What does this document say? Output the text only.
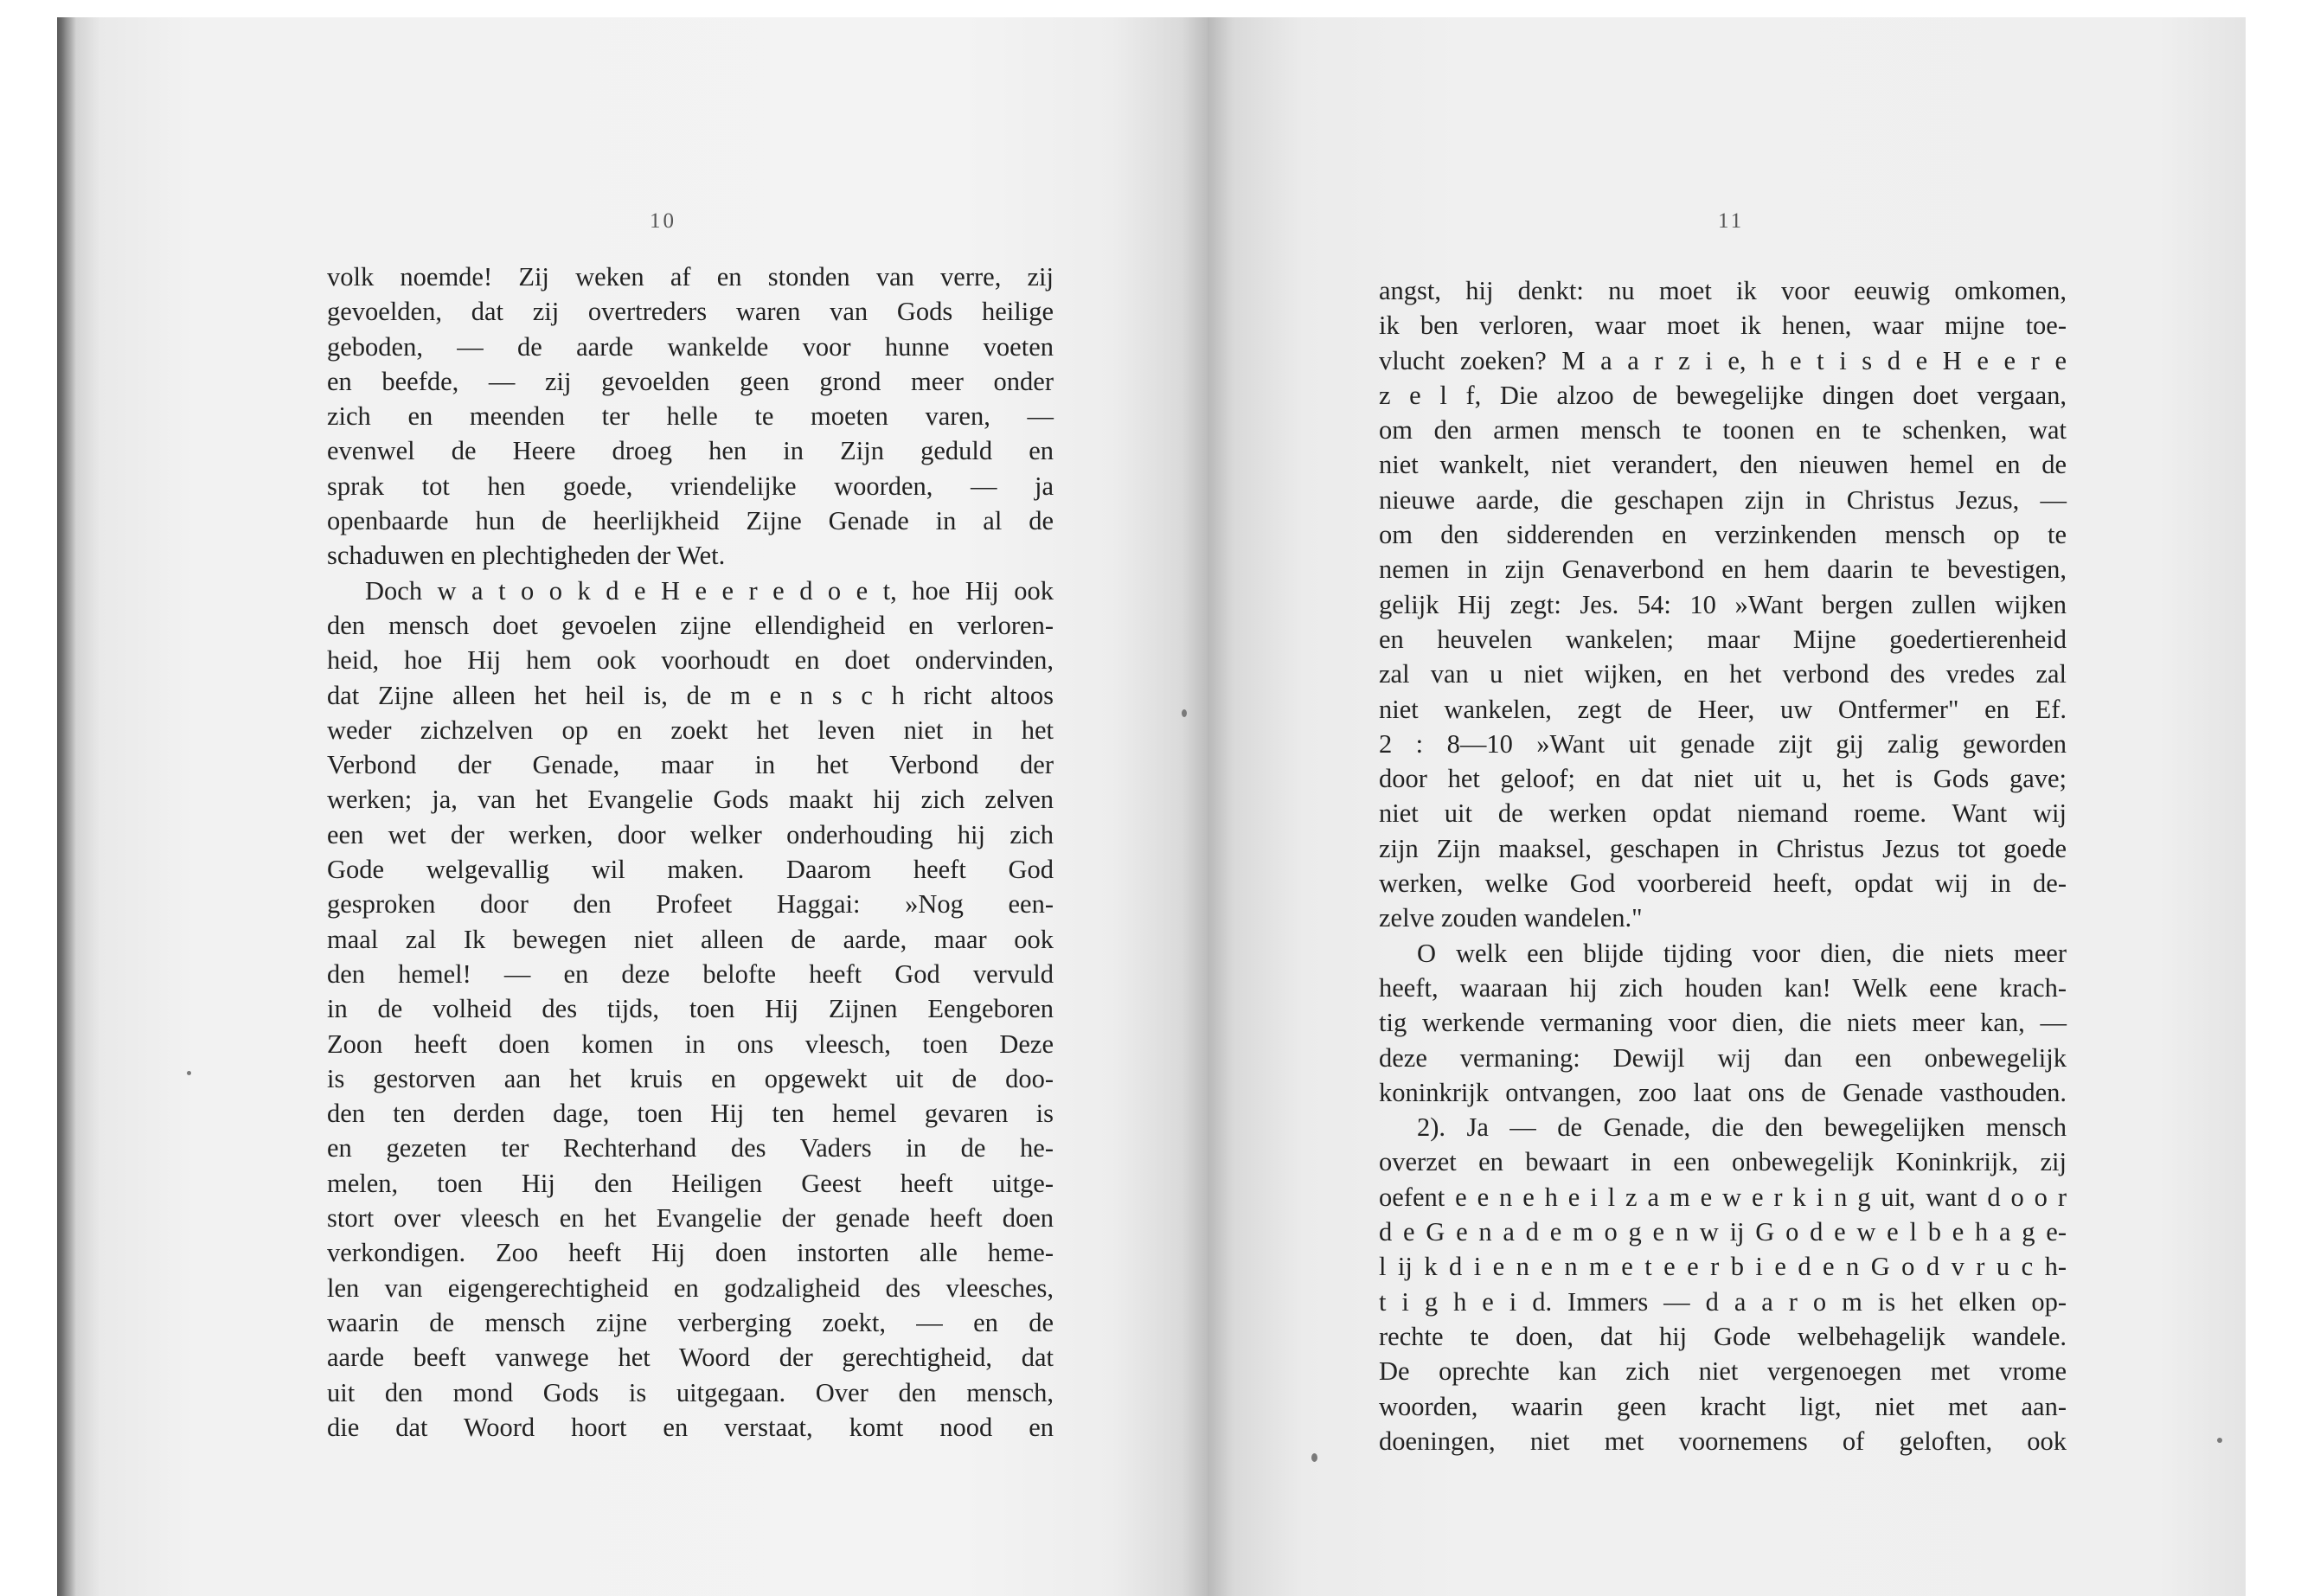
10
volk noemde! Zij weken af en stonden van verre, zij
gevoelden, dat zij overtreders waren van Gods heilige
geboden, — de aarde wankelde voor hunne voeten
en beefde, — zij gevoelden geen grond meer onder
zich en meenden ter helle te moeten varen, —
evenwel de Heere droeg hen in Zijn geduld en
sprak tot hen goede, vriendelijke woorden, — ja
openbaarde hun de heerlijkheid Zijne Genade in al de
schaduwen en plechtigheden der Wet.
Doch w a t o o k d e H e e r e d o e t, hoe Hij ook
den mensch doet gevoelen zijne ellendigheid en verloren-
heid, hoe Hij hem ook voorhoudt en doet ondervinden,
dat Zijne alleen het heil is, de m e n s c h richt altoos
weder zichzelven op en zoekt het leven niet in het
Verbond der Genade, maar in het Verbond der
werken; ja, van het Evangelie Gods maakt hij zich zelven
een wet der werken, door welker onderhouding hij zich
Gode welgevallig wil maken. Daarom heeft God
gesproken door den Profeet Haggai: »Nog een-
maal zal Ik bewegen niet alleen de aarde, maar ook
den hemel! — en deze belofte heeft God vervuld
in de volheid des tijds, toen Hij Zijnen Eengeboren
Zoon heeft doen komen in ons vleesch, toen Deze
is gestorven aan het kruis en opgewekt uit de doo-
den ten derden dage, toen Hij ten hemel gevaren is
en gezeten ter Rechterhand des Vaders in de he-
melen, toen Hij den Heiligen Geest heeft uitge-
stort over vleesch en het Evangelie der genade heeft doen
verkondigen. Zoo heeft Hij doen instorten alle heme-
len van eigengerechtigheid en godzaligheid des vleesches,
waarin de mensch zijne verberging zoekt, — en de
aarde beeft vanwege het Woord der gerechtigheid, dat
uit den mond Gods is uitgegaan. Over den mensch,
die dat Woord hoort en verstaat, komt nood en
11
angst, hij denkt: nu moet ik voor eeuwig omkomen,
ik ben verloren, waar moet ik henen, waar mijne toe-
vlucht zoeken? M a a r z i e, h e t i s d e H e e r e
z e l f, Die alzoo de bewegelijke dingen doet vergaan,
om den armen mensch te toonen en te schenken, wat
niet wankelt, niet verandert, den nieuwen hemel en de
nieuwe aarde, die geschapen zijn in Christus Jezus, —
om den sidderenden en verzinkenden mensch op te
nemen in zijn Genaverbond en hem daarin te bevestigen,
gelijk Hij zegt: Jes. 54: 10 »Want bergen zullen wijken
en heuvelen wankelen; maar Mijne goedertierenheid
zal van u niet wijken, en het verbond des vredes zal
niet wankelen, zegt de Heer, uw Ontfermer" en Ef.
2 : 8—10 »Want uit genade zijt gij zalig geworden
door het geloof; en dat niet uit u, het is Gods gave;
niet uit de werken opdat niemand roeme. Want wij
zijn Zijn maaksel, geschapen in Christus Jezus tot goede
werken, welke God voorbereid heeft, opdat wij in de-
zelve zouden wandelen."
O welk een blijde tijding voor dien, die niets meer
heeft, waaraan hij zich houden kan! Welk eene krach-
tig werkende vermaning voor dien, die niets meer kan, —
deze vermaning: Dewijl wij dan een onbewegelijk
koninkrijk ontvangen, zoo laat ons de Genade vasthouden.
2). Ja — de Genade, die den bewegelijken mensch
overzet en bewaart in een onbewegelijk Koninkrijk, zij
oefent e e n e h e i l z a m e w e r k i n g uit, want d o o r
d e G e n a d e m o g e n w ij G o d e w e l b e h a g e-
l ij k d i e n e n m e t e e r b i e d e n G o d v r u c h-
t i g h e i d. Immers — d a a r o m is het elken op-
rechte te doen, dat hij Gode welbehagelijk wandele.
De oprechte kan zich niet vergenoegen met vrome
woorden, waarin geen kracht ligt, niet met aan-
doeningen, niet met voornemens of geloften, ook
